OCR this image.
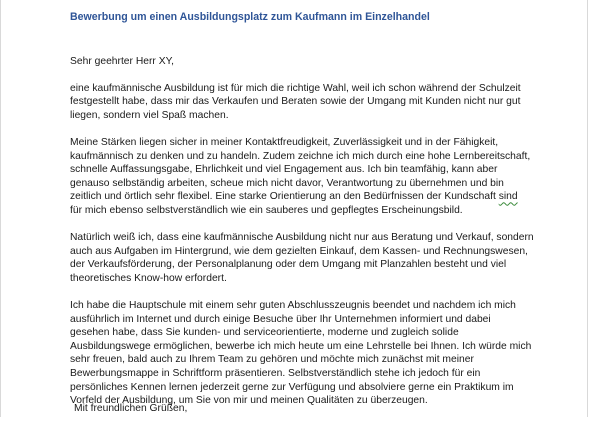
Bewerbung um einen Ausbildungsplatz zum Kaufmann im Einzelhandel
Sehr geehrter Herr XY,
eine kaufmännische Ausbildung ist für mich die richtige Wahl, weil ich schon während der Schulzeit
festgestellt habe, dass mir das Verkaufen und Beraten sowie der Umgang mit Kunden nicht nur gut
liegen, sondern viel Spaß machen.
Meine Stärken liegen sicher in meiner Kontaktfreudigkeit, Zuverlässigkeit und in der Fähigkeit,
kaufmännisch zu denken und zu handeln. Zudem zeichne ich mich durch eine hohe Lernbereitschaft,
schnelle Auffassungsgabe, Ehrlichkeit und viel Engagement aus. Ich bin teamfähig, kann aber
genauso selbständig arbeiten, scheue mich nicht davor, Verantwortung zu übernehmen und bin
zeitlich und örtlich sehr flexibel. Eine starke Orientierung an den Bedürfnissen der Kundschaft sind
für mich ebenso selbstverständlich wie ein sauberes und gepflegtes Erscheinungsbild.
Natürlich weiß ich, dass eine kaufmännische Ausbildung nicht nur aus Beratung und Verkauf, sondern
auch aus Aufgaben im Hintergrund, wie dem gezielten Einkauf, dem Kassen- und Rechnungswesen,
der Verkaufsförderung, der Personalplanung oder dem Umgang mit Planzahlen besteht und viel
theoretisches Know-how erfordert.
Ich habe die Hauptschule mit einem sehr guten Abschlusszeugnis beendet und nachdem ich mich
ausführlich im Internet und durch einige Besuche über Ihr Unternehmen informiert und dabei
gesehen habe, dass Sie kunden- und serviceorientierte, moderne und zugleich solide
Ausbildungswege ermöglichen, bewerbe ich mich heute um eine Lehrstelle bei Ihnen. Ich würde mich
sehr freuen, bald auch zu Ihrem Team zu gehören und möchte mich zunächst mit meiner
Bewerbungsmappe in Schriftform präsentieren. Selbstverständlich stehe ich jedoch für ein
persönliches Kennen lernen jederzeit gerne zur Verfügung und absolviere gerne ein Praktikum im
Vorfeld der Ausbildung, um Sie von mir und meinen Qualitäten zu überzeugen.
Mit freundlichen Grüßen,
